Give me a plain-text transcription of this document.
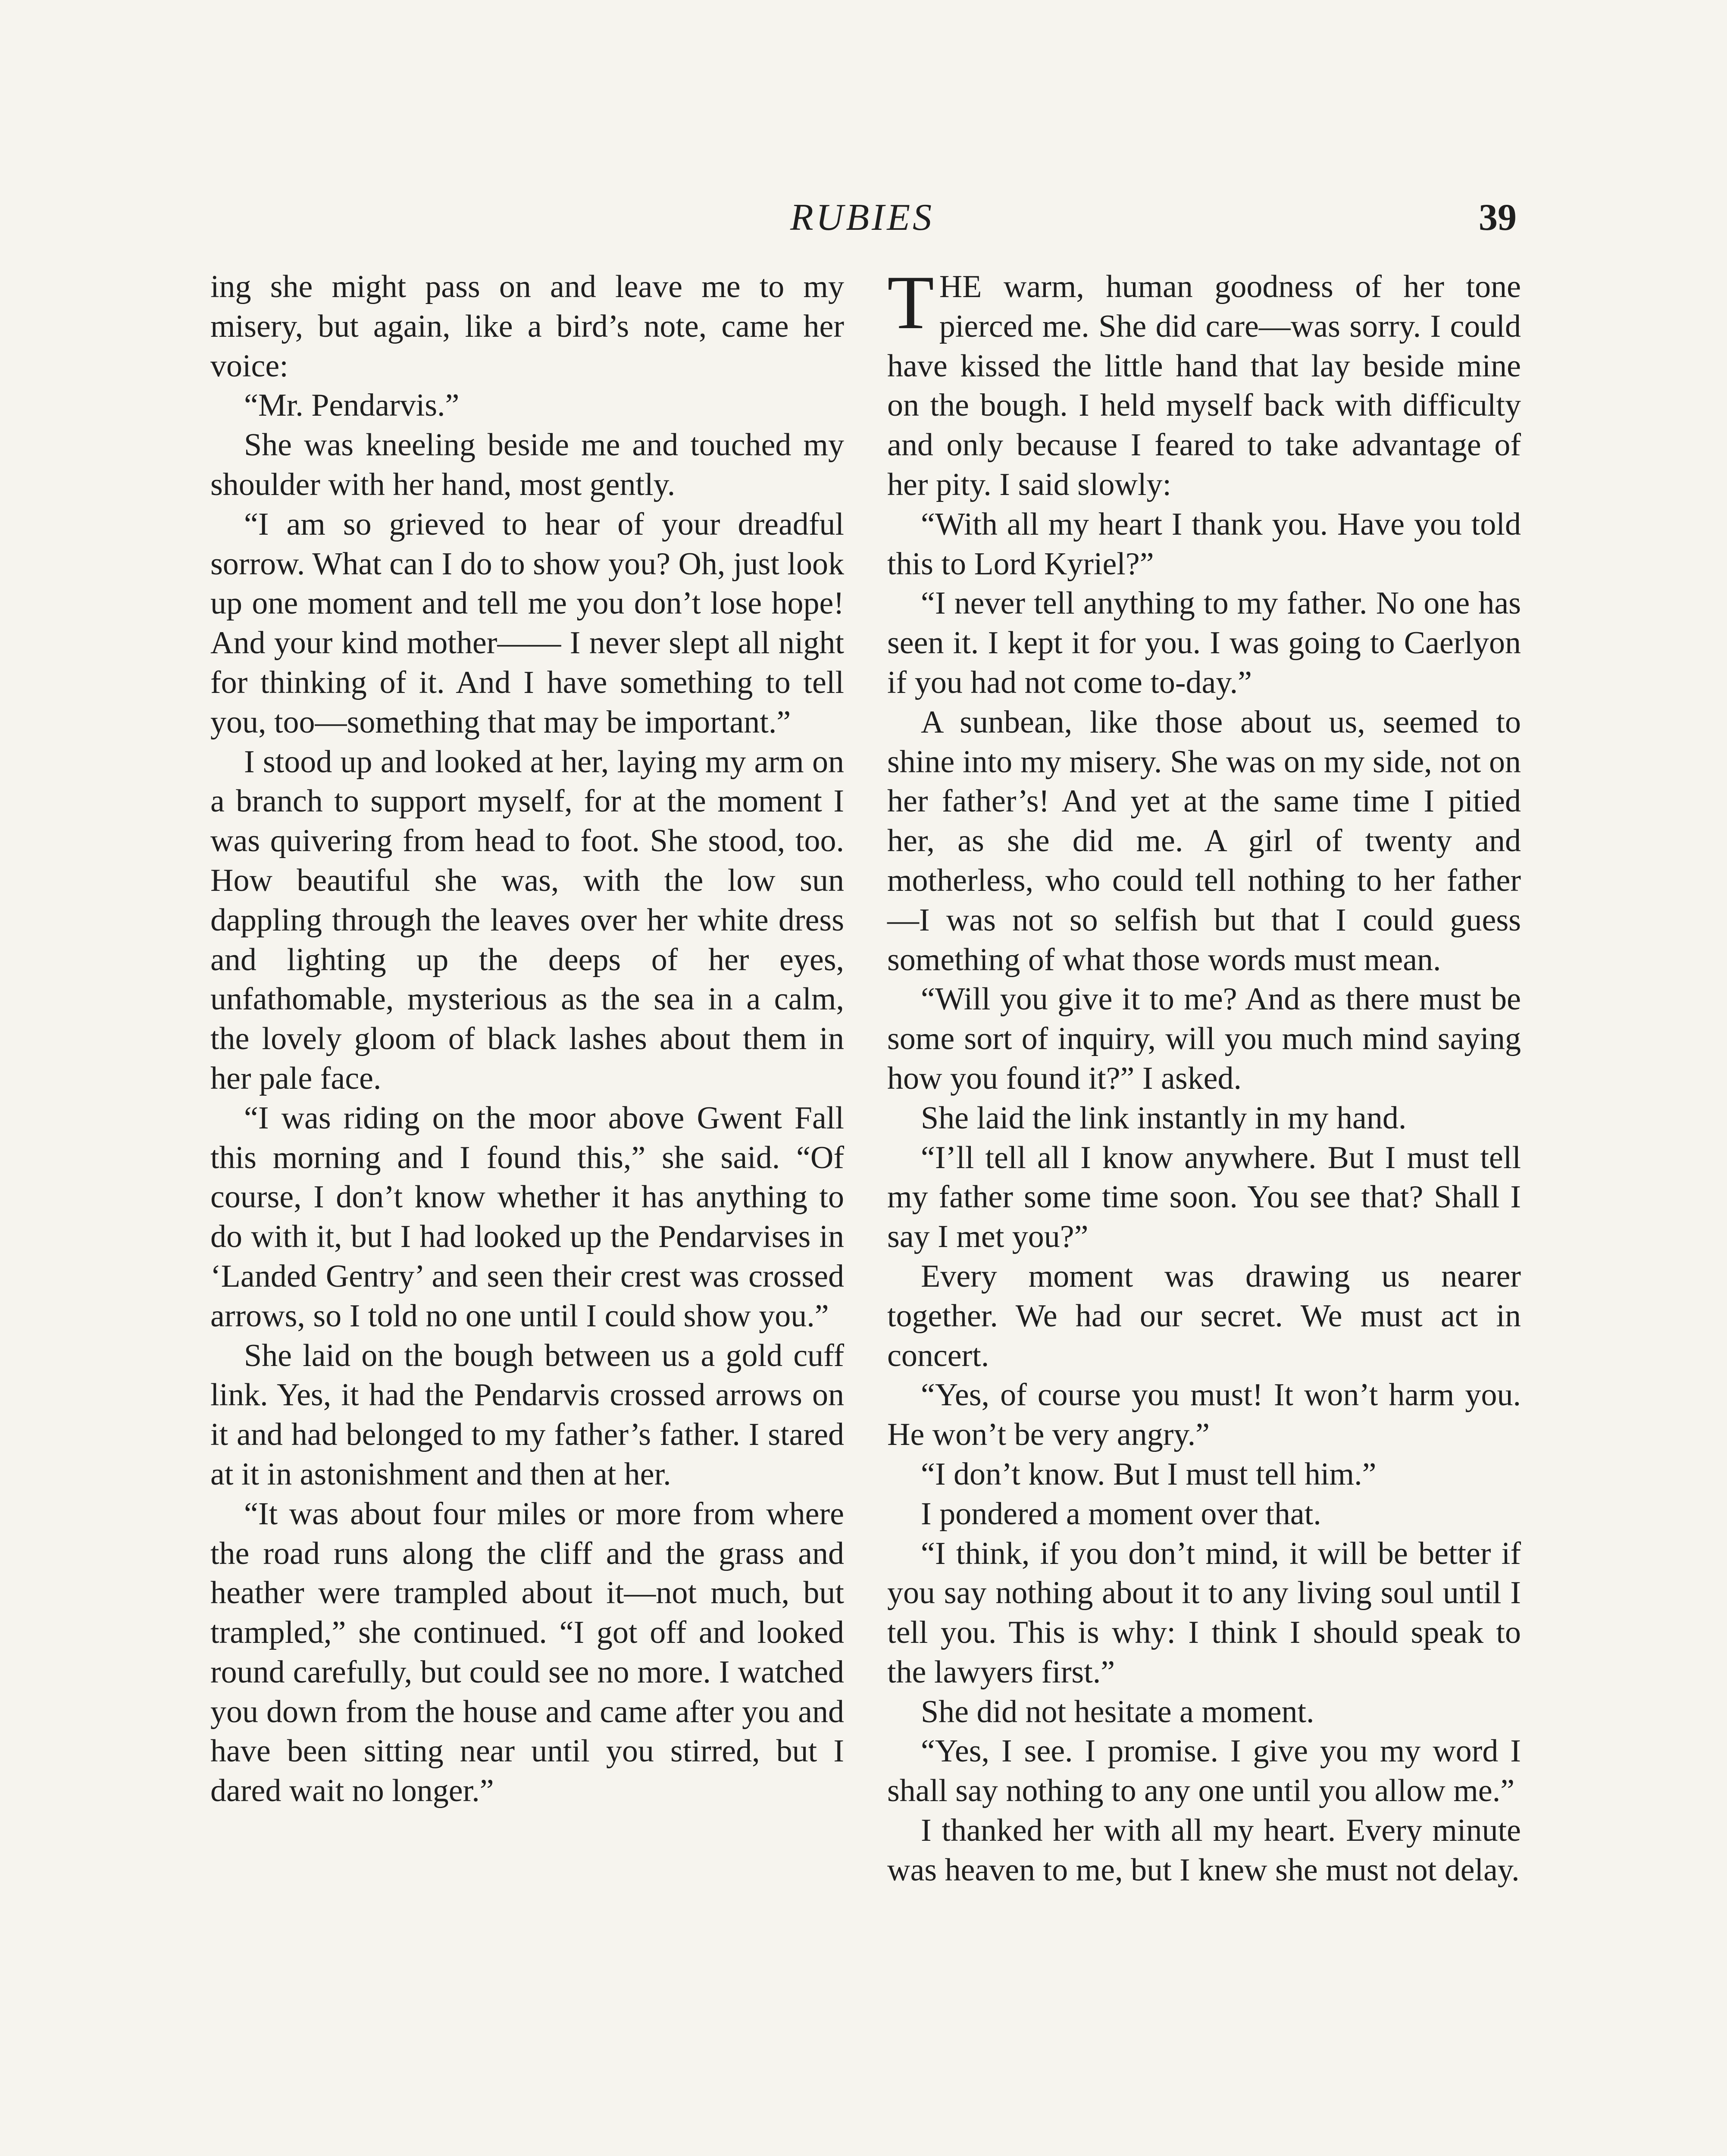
RUBIES	39

ing she might pass on and leave me to my misery, but again, like a bird’s note, came her voice:

“Mr. Pendarvis.”

She was kneeling beside me and touched my shoulder with her hand, most gently.

“I am so grieved to hear of your dreadful sorrow. What can I do to show you? Oh, just look up one moment and tell me you don’t lose hope! And your kind mother—— I never slept all night for thinking of it. And I have something to tell you, too—something that may be important.”

I stood up and looked at her, laying my arm on a branch to support myself, for at the moment I was quivering from head to foot. She stood, too. How beautiful she was, with the low sun dappling through the leaves over her white dress and lighting up the deeps of her eyes, unfathomable, mysterious as the sea in a calm, the lovely gloom of black lashes about them in her pale face.

“I was riding on the moor above Gwent Fall this morning and I found this,” she said. “Of course, I don’t know whether it has anything to do with it, but I had looked up the Pendarvises in ‘Landed Gentry’ and seen their crest was crossed arrows, so I told no one until I could show you.”

She laid on the bough between us a gold cuff link. Yes, it had the Pendarvis crossed arrows on it and had belonged to my father’s father. I stared at it in astonishment and then at her.

“It was about four miles or more from where the road runs along the cliff and the grass and heather were trampled about it—not much, but trampled,” she continued. “I got off and looked round carefully, but could see no more. I watched you down from the house and came after you and have been sitting near until you stirred, but I dared wait no longer.”

THE warm, human goodness of her tone pierced me. She did care—was sorry. I could have kissed the little hand that lay beside mine on the bough. I held myself back with difficulty and only because I feared to take advantage of her pity. I said slowly:

“With all my heart I thank you. Have you told this to Lord Kyriel?”

“I never tell anything to my father. No one has seen it. I kept it for you. I was going to Caerlyon if you had not come to-day.”

A sunbean, like those about us, seemed to shine into my misery. She was on my side, not on her father’s! And yet at the same time I pitied her, as she did me. A girl of twenty and motherless, who could tell nothing to her father—I was not so selfish but that I could guess something of what those words must mean.

“Will you give it to me? And as there must be some sort of inquiry, will you much mind saying how you found it?” I asked.

She laid the link instantly in my hand.

“I’ll tell all I know anywhere. But I must tell my father some time soon. You see that? Shall I say I met you?”

Every moment was drawing us nearer together. We had our secret. We must act in concert.

“Yes, of course you must! It won’t harm you. He won’t be very angry.”

“I don’t know. But I must tell him.”

I pondered a moment over that.

“I think, if you don’t mind, it will be better if you say nothing about it to any living soul until I tell you. This is why: I think I should speak to the lawyers first.”

She did not hesitate a moment.

“Yes, I see. I promise. I give you my word I shall say nothing to any one until you allow me.”

I thanked her with all my heart. Every minute was heaven to me, but I knew she must not delay.
